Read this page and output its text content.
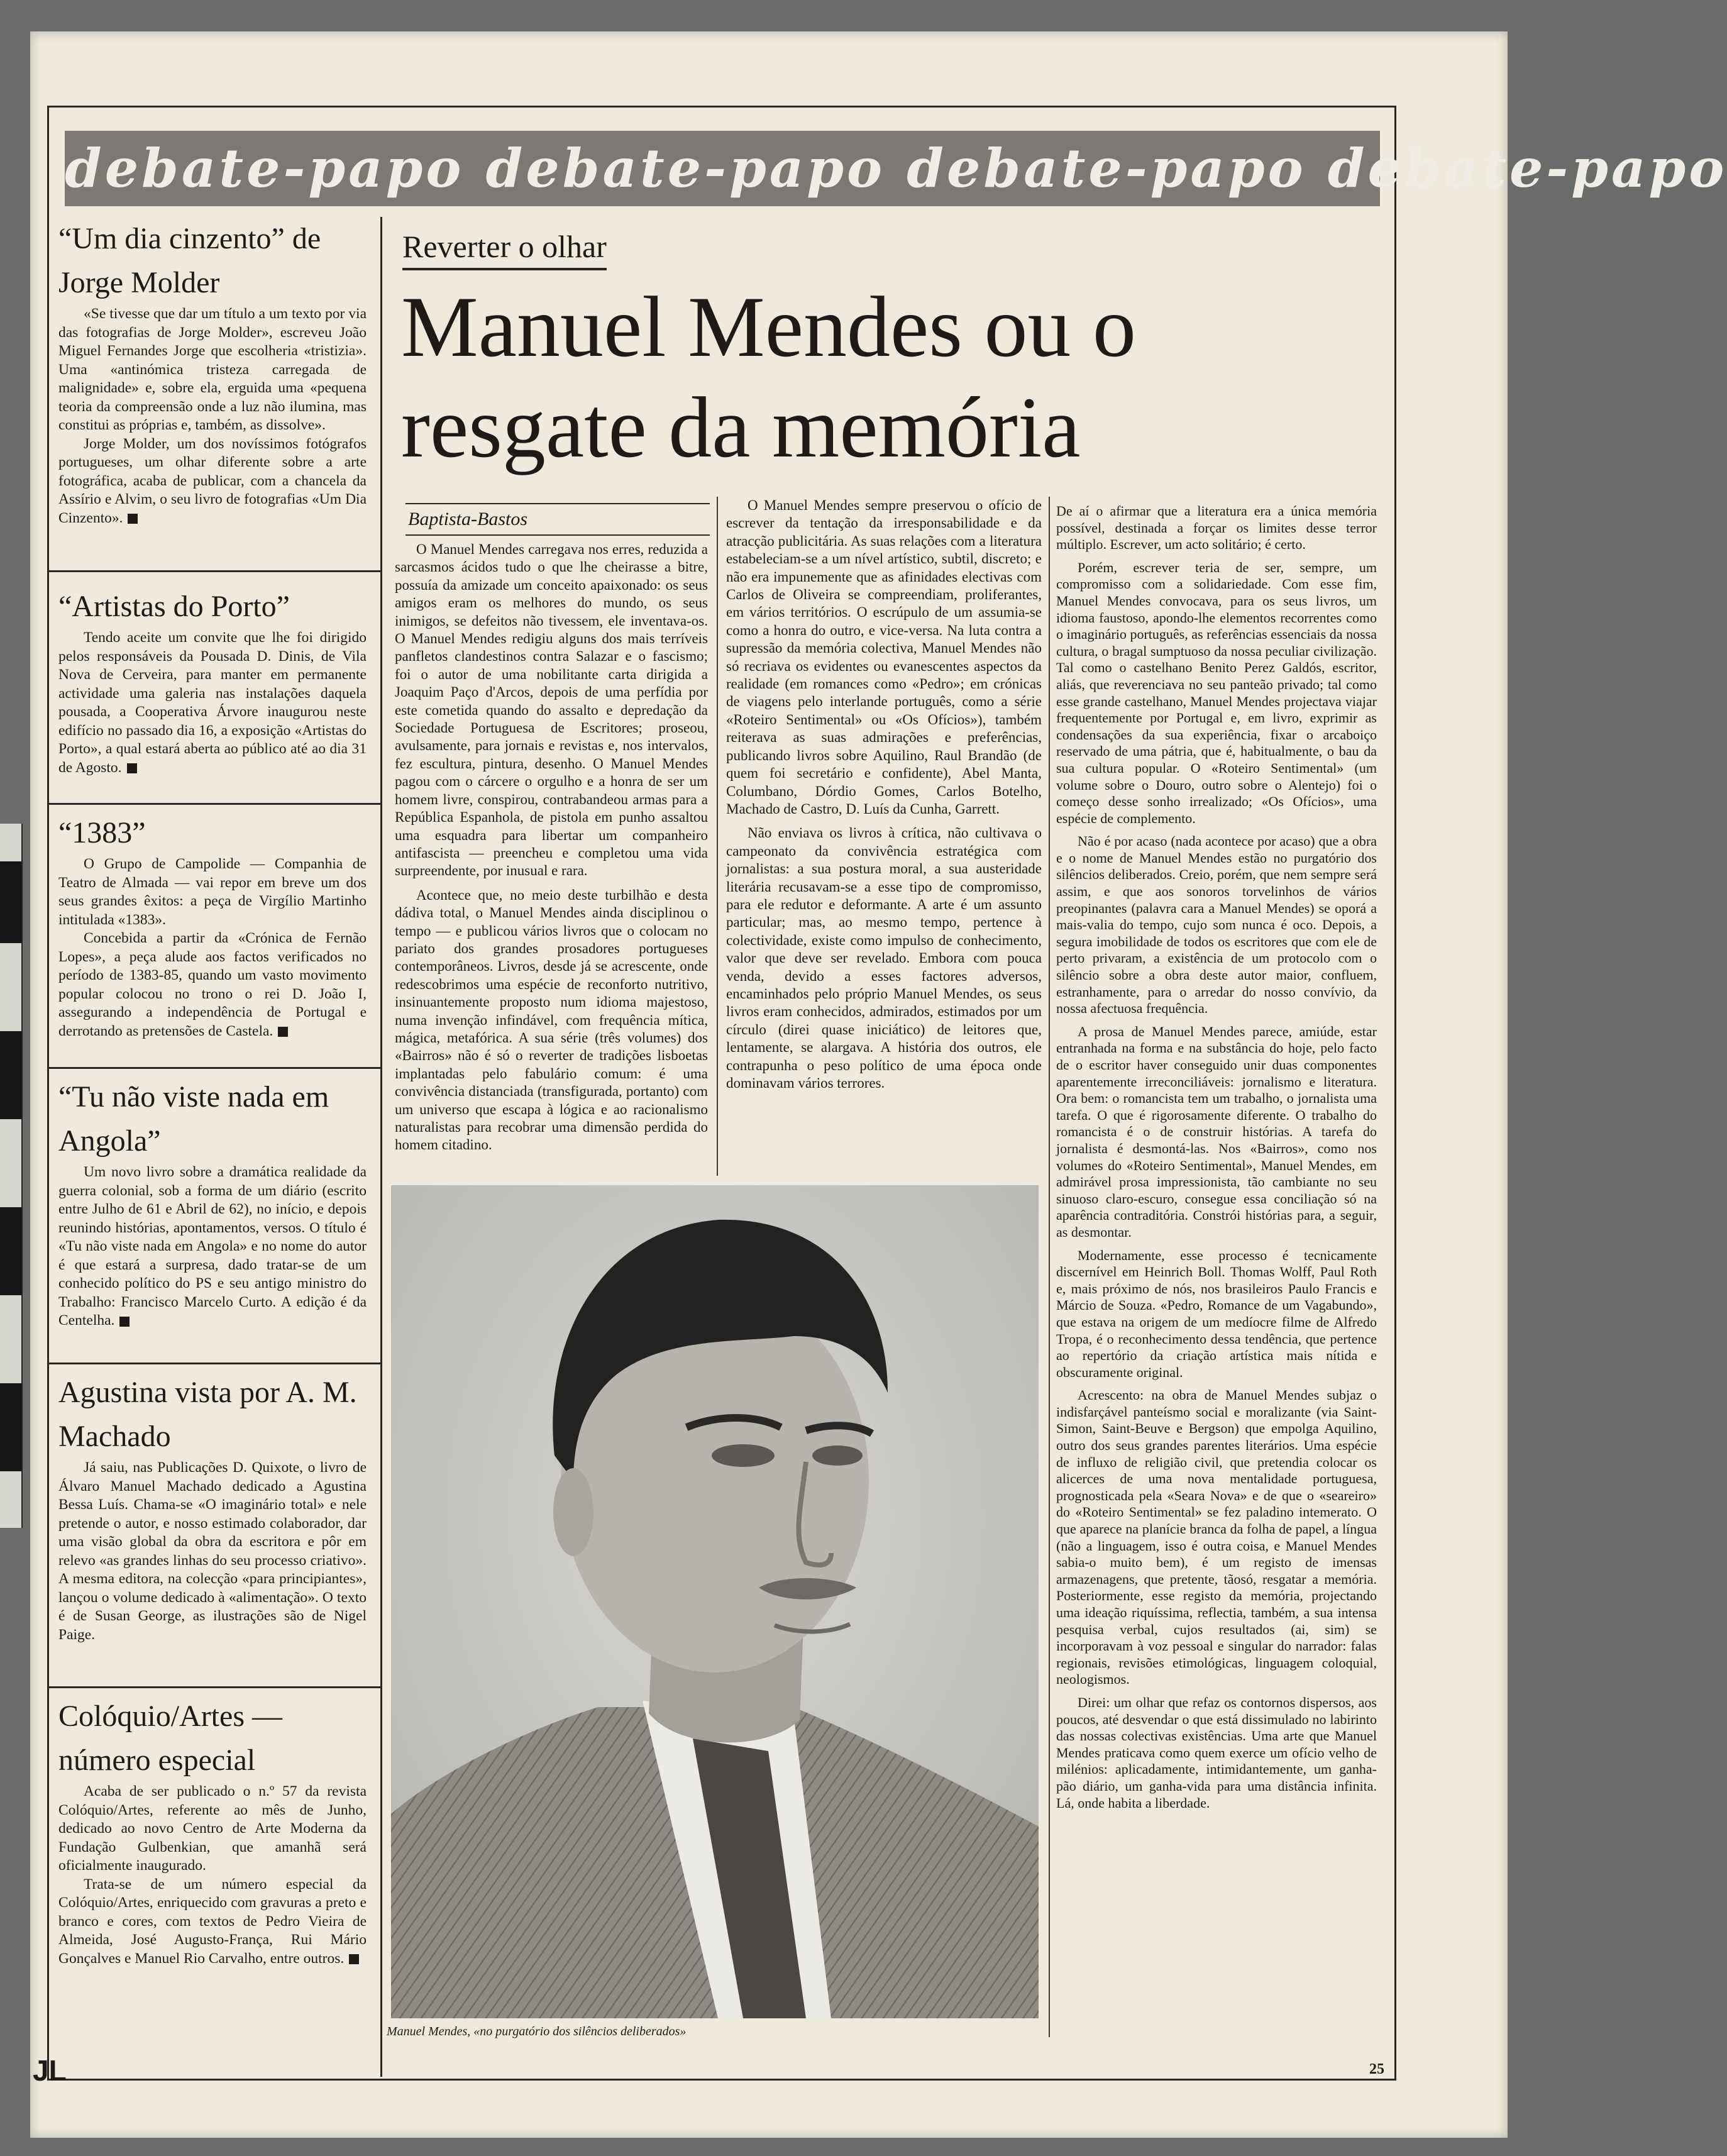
debate-papo debate-papo debate-papo debate-papo
“Um dia cinzento” de Jorge Molder

«Se tivesse que dar um título a um texto por via das fotografias de Jorge Molder», escreveu João Miguel Fernandes Jorge que escolheria «tristizia». Uma «antinómica tristeza carregada de malignidade» e, sobre ela, erguida uma «pequena teoria da compreensão onde a luz não ilumina, mas constitui as próprias e, também, as dissolve».

Jorge Molder, um dos novíssimos fotógrafos portugueses, um olhar diferente sobre a arte fotográfica, acaba de publicar, com a chancela da Assírio e Alvim, o seu livro de fotografias «Um Dia Cinzento».

“Artistas do Porto”

Tendo aceite um convite que lhe foi dirigido pelos responsáveis da Pousada D. Dinis, de Vila Nova de Cerveira, para manter em permanente actividade uma galeria nas instalações daquela pousada, a Cooperativa Árvore inaugurou neste edifício no passado dia 16, a exposição «Artistas do Porto», a qual estará aberta ao público até ao dia 31 de Agosto.

“1383”

O Grupo de Campolide — Companhia de Teatro de Almada — vai repor em breve um dos seus grandes êxitos: a peça de Virgílio Martinho intitulada «1383».

Concebida a partir da «Crónica de Fernão Lopes», a peça alude aos factos verificados no período de 1383-85, quando um vasto movimento popular colocou no trono o rei D. João I, assegurando a independência de Portugal e derrotando as pretensões de Castela.

“Tu não viste nada em Angola”

Um novo livro sobre a dramática realidade da guerra colonial, sob a forma de um diário (escrito entre Julho de 61 e Abril de 62), no início, e depois reunindo histórias, apontamentos, versos. O título é «Tu não viste nada em Angola» e no nome do autor é que estará a surpresa, dado tratar-se de um conhecido político do PS e seu antigo ministro do Trabalho: Francisco Marcelo Curto. A edição é da Centelha.

Agustina vista por A. M. Machado

Já saiu, nas Publicações D. Quixote, o livro de Álvaro Manuel Machado dedicado a Agustina Bessa Luís. Chama-se «O imaginário total» e nele pretende o autor, e nosso estimado colaborador, dar uma visão global da obra da escritora e pôr em relevo «as grandes linhas do seu processo criativo». A mesma editora, na colecção «para principiantes», lançou o volume dedicado à «alimentação». O texto é de Susan George, as ilustrações são de Nigel Paige.

Colóquio/Artes — número especial

Acaba de ser publicado o n.º 57 da revista Colóquio/Artes, referente ao mês de Junho, dedicado ao novo Centro de Arte Moderna da Fundação Gulbenkian, que amanhã será oficialmente inaugurado.

Trata-se de um número especial da Colóquio/Artes, enriquecido com gravuras a preto e branco e cores, com textos de Pedro Vieira de Almeida, José Augusto-França, Rui Mário Gonçalves e Manuel Rio Carvalho, entre outros.

Reverter o olhar
Manuel Mendes ou o resgate da memória
Baptista-Bastos

O Manuel Mendes carregava nos erres, reduzida a sarcasmos ácidos tudo o que lhe cheirasse a bitre, possuía da amizade um conceito apaixonado: os seus amigos eram os melhores do mundo, os seus inimigos, se defeitos não tivessem, ele inventava-os. O Manuel Mendes redigiu alguns dos mais terríveis panfletos clandestinos contra Salazar e o fascismo; foi o autor de uma nobilitante carta dirigida a Joaquim Paço d'Arcos, depois de uma perfídia por este cometida quando do assalto e depredação da Sociedade Portuguesa de Escritores; proseou, avulsamente, para jornais e revistas e, nos intervalos, fez escultura, pintura, desenho. O Manuel Mendes pagou com o cárcere o orgulho e a honra de ser um homem livre, conspirou, contrabandeou armas para a República Espanhola, de pistola em punho assaltou uma esquadra para libertar um companheiro antifascista — preencheu e completou uma vida surpreendente, por inusual e rara.

Acontece que, no meio deste turbilhão e desta dádiva total, o Manuel Mendes ainda disciplinou o tempo — e publicou vários livros que o colocam no pariato dos grandes prosadores portugueses contemporâneos. Livros, desde já se acrescente, onde redescobrimos uma espécie de reconforto nutritivo, insinuantemente proposto num idioma majestoso, numa invenção infindável, com frequência mítica, mágica, metafórica. A sua série (três volumes) dos «Bairros» não é só o reverter de tradições lisboetas implantadas pelo fabulário comum: é uma convivência distanciada (transfigurada, portanto) com um universo que escapa à lógica e ao racionalismo naturalistas para recobrar uma dimensão perdida do homem citadino.

O Manuel Mendes sempre preservou o ofício de escrever da tentação da irresponsabilidade e da atracção publicitária. As suas relações com a literatura estabeleciam-se a um nível artístico, subtil, discreto; e não era impunemente que as afinidades electivas com Carlos de Oliveira se compreendiam, proliferantes, em vários territórios. O escrúpulo de um assumia-se como a honra do outro, e vice-versa. Na luta contra a supressão da memória colectiva, Manuel Mendes não só recriava os evidentes ou evanescentes aspectos da realidade (em romances como «Pedro»; em crónicas de viagens pelo interlande português, como a série «Roteiro Sentimental» ou «Os Ofícios»), também reiterava as suas admirações e preferências, publicando livros sobre Aquilino, Raul Brandão (de quem foi secretário e confidente), Abel Manta, Columbano, Dórdio Gomes, Carlos Botelho, Machado de Castro, D. Luís da Cunha, Garrett.

Não enviava os livros à crítica, não cultivava o campeonato da convivência estratégica com jornalistas: a sua postura moral, a sua austeridade literária recusavam-se a esse tipo de compromisso, para ele redutor e deformante. A arte é um assunto particular; mas, ao mesmo tempo, pertence à colectividade, existe como impulso de conhecimento, valor que deve ser revelado. Embora com pouca venda, devido a esses factores adversos, encaminhados pelo próprio Manuel Mendes, os seus livros eram conhecidos, admirados, estimados por um círculo (direi quase iniciático) de leitores que, lentamente, se alargava. A história dos outros, ele contrapunha o peso político de uma época onde dominavam vários terrores.

De aí o afirmar que a literatura era a única memória possível, destinada a forçar os limites desse terror múltiplo. Escrever, um acto solitário; é certo.

Porém, escrever teria de ser, sempre, um compromisso com a solidariedade. Com esse fim, Manuel Mendes convocava, para os seus livros, um idioma faustoso, apondo-lhe elementos recorrentes como o imaginário português, as referências essenciais da nossa cultura, o bragal sumptuoso da nossa peculiar civilização. Tal como o castelhano Benito Perez Galdós, escritor, aliás, que reverenciava no seu panteão privado; tal como esse grande castelhano, Manuel Mendes projectava viajar frequentemente por Portugal e, em livro, exprimir as condensações da sua experiência, fixar o arcaboiço reservado de uma pátria, que é, habitualmente, o bau da sua cultura popular. O «Roteiro Sentimental» (um volume sobre o Douro, outro sobre o Alentejo) foi o começo desse sonho irrealizado; «Os Ofícios», uma espécie de complemento.

Não é por acaso (nada acontece por acaso) que a obra e o nome de Manuel Mendes estão no purgatório dos silêncios deliberados. Creio, porém, que nem sempre será assim, e que aos sonoros torvelinhos de vários preopinantes (palavra cara a Manuel Mendes) se oporá a mais-valia do tempo, cujo som nunca é oco. Depois, a segura imobilidade de todos os escritores que com ele de perto privaram, a existência de um protocolo com o silêncio sobre a obra deste autor maior, confluem, estranhamente, para o arredar do nosso convívio, da nossa afectuosa frequência.

A prosa de Manuel Mendes parece, amiúde, estar entranhada na forma e na substância do hoje, pelo facto de o escritor haver conseguido unir duas componentes aparentemente irreconciliáveis: jornalismo e literatura. Ora bem: o romancista tem um trabalho, o jornalista uma tarefa. O que é rigorosamente diferente. O trabalho do romancista é o de construir histórias. A tarefa do jornalista é desmontá-las. Nos «Bairros», como nos volumes do «Roteiro Sentimental», Manuel Mendes, em admirável prosa impressionista, tão cambiante no seu sinuoso claro-escuro, consegue essa conciliação só na aparência contraditória. Constrói histórias para, a seguir, as desmontar.

Modernamente, esse processo é tecnicamente discernível em Heinrich Boll. Thomas Wolff, Paul Roth e, mais próximo de nós, nos brasileiros Paulo Francis e Márcio de Souza. «Pedro, Romance de um Vagabundo», que estava na origem de um medíocre filme de Alfredo Tropa, é o reconhecimento dessa tendência, que pertence ao repertório da criação artística mais nítida e obscuramente original.

Acrescento: na obra de Manuel Mendes subjaz o indisfarçável panteísmo social e moralizante (via Saint-Simon, Saint-Beuve e Bergson) que empolga Aquilino, outro dos seus grandes parentes literários. Uma espécie de influxo de religião civil, que pretendia colocar os alicerces de uma nova mentalidade portuguesa, prognosticada pela «Seara Nova» e de que o «seareiro» do «Roteiro Sentimental» se fez paladino intemerato. O que aparece na planície branca da folha de papel, a língua (não a linguagem, isso é outra coisa, e Manuel Mendes sabia-o muito bem), é um registo de imensas armazenagens, que pretente, tãosó, resgatar a memória. Posteriormente, esse registo da memória, projectando uma ideação riquíssima, reflectia, também, a sua intensa pesquisa verbal, cujos resultados (ai, sim) se incorporavam à voz pessoal e singular do narrador: falas regionais, revisões etimológicas, linguagem coloquial, neologismos.

Direi: um olhar que refaz os contornos dispersos, aos poucos, até desvendar o que está dissimulado no labirinto das nossas colectivas existências. Uma arte que Manuel Mendes praticava como quem exerce um ofício velho de milénios: aplicadamente, intimidantemente, um ganha-pão diário, um ganha-vida para uma distância infinita. Lá, onde habita a liberdade.

Manuel Mendes, «no purgatório dos silêncios deliberados»
JL	25
